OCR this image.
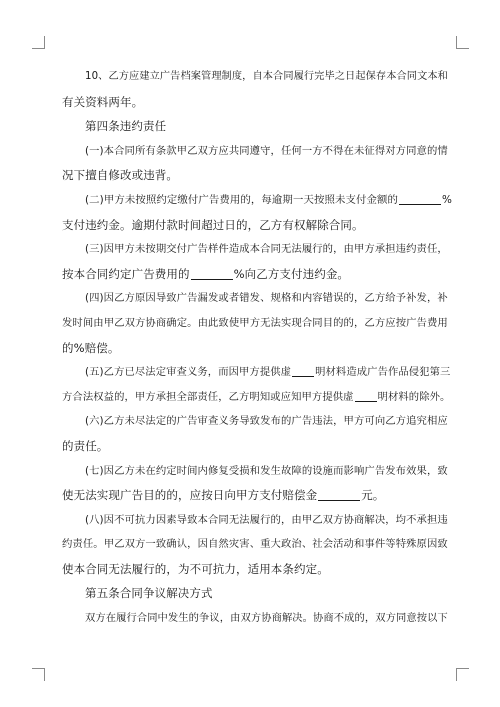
10、乙方应建立广告档案管理制度，自本合同履行完毕之日起保存本合同文本和
有关资料两年。
第四条违约责任
(一)本合同所有条款甲乙双方应共同遵守，任何一方不得在未征得对方同意的情
况下擅自修改或违背。
(二)甲方未按照约定缴付广告费用的，每逾期一天按照未支付金额的	%
支付违约金。逾期付款时间超过日的，乙方有权解除合同。
(三)因甲方未按期交付广告样件造成本合同无法履行的，由甲方承担违约责任，
按本合同约定广告费用的	%向乙方支付违约金。
(四)因乙方原因导致广告漏发或者错发、规格和内容错误的，乙方给予补发，补
发时间由甲乙双方协商确定。由此致使甲方无法实现合同目的的，乙方应按广告费用
的%赔偿。
(五)乙方已尽法定审查义务，而因甲方提供虚 明材料造成广告作品侵犯第三
方合法权益的，甲方承担全部责任，乙方明知或应知甲方提供虚 明材料的除外。
(六)乙方未尽法定的广告审查义务导致发布的广告违法，甲方可向乙方追究相应
的责任。
(七)因乙方未在约定时间内修复受损和发生故障的设施而影响广告发布效果，致
使无法实现广告目的的，应按日向甲方支付赔偿金	元。
(八)因不可抗力因素导致本合同无法履行的，由甲乙双方协商解决，均不承担违
约责任。甲乙双方一致确认，因自然灾害、重大政治、社会活动和事件等特殊原因致
使本合同无法履行的，为不可抗力，适用本条约定。
第五条合同争议解决方式
双方在履行合同中发生的争议，由双方协商解决。协商不成的，双方同意按以下
